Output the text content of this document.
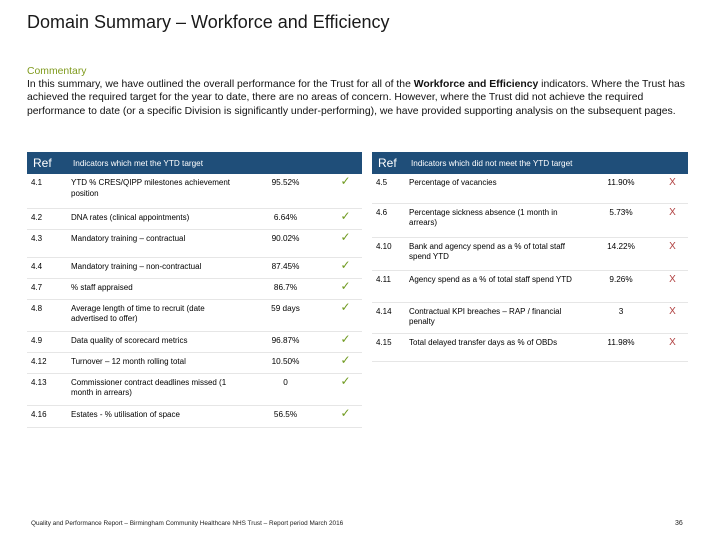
Domain Summary – Workforce and Efficiency
Commentary
In this summary, we have outlined the overall performance for the Trust for all of the Workforce and Efficiency indicators. Where the Trust has achieved the required target for the year to date, there are no areas of concern. However, where the Trust did not achieve the required performance to date (or a specific Division is significantly under-performing), we have provided supporting analysis on the subsequent pages.
Ref	Indicators which met the YTD target		
4.1	YTD % CRES/QIPP milestones achievement position	95.52%	✓
4.2	DNA rates (clinical appointments)	6.64%	✓
4.3	Mandatory training – contractual	90.02%	✓
4.4	Mandatory training – non-contractual	87.45%	✓
4.7	% staff appraised	86.7%	✓
4.8	Average length of time to recruit (date advertised to offer)	59 days	✓
4.9	Data quality of scorecard metrics	96.87%	✓
4.12	Turnover – 12 month rolling total	10.50%	✓
4.13	Commissioner contract deadlines missed (1 month in arrears)	0	✓
4.16	Estates - % utilisation of space	56.5%	✓
Ref	Indicators which did not meet the YTD target		
4.5	Percentage of vacancies	11.90%	X
4.6	Percentage sickness absence (1 month in arrears)	5.73%	X
4.10	Bank and agency spend as a % of total staff spend YTD	14.22%	X
4.11	Agency spend as a % of total staff spend YTD	9.26%	X
4.14	Contractual KPI breaches – RAP / financial penalty	3	X
4.15	Total delayed transfer days as % of OBDs	11.98%	X
Quality and Performance Report – Birmingham Community Healthcare NHS Trust – Report period March 2016	36
